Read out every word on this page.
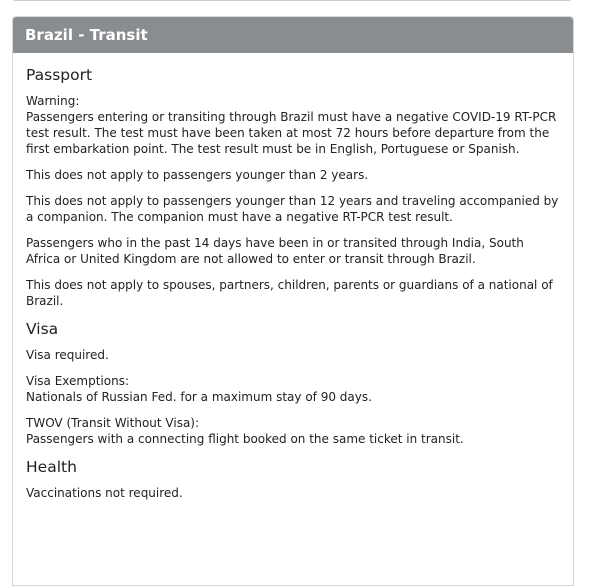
Brazil - Transit
Passport
Warning:

Passengers entering or transiting through Brazil must have a negative COVID-19 RT-PCR test result. The test must have been taken at most 72 hours before departure from the first embarkation point. The test result must be in English, Portuguese or Spanish.

This does not apply to passengers younger than 2 years.

This does not apply to passengers younger than 12 years and traveling accompanied by a companion. The companion must have a negative RT-PCR test result.

Passengers who in the past 14 days have been in or transited through India, South Africa or United Kingdom are not allowed to enter or transit through Brazil.

This does not apply to spouses, partners, children, parents or guardians of a national of Brazil.

Visa

Visa required.

Visa Exemptions:

Nationals of Russian Fed. for a maximum stay of 90 days.

TWOV (Transit Without Visa):

Passengers with a connecting flight booked on the same ticket in transit.

Health

Vaccinations not required.
